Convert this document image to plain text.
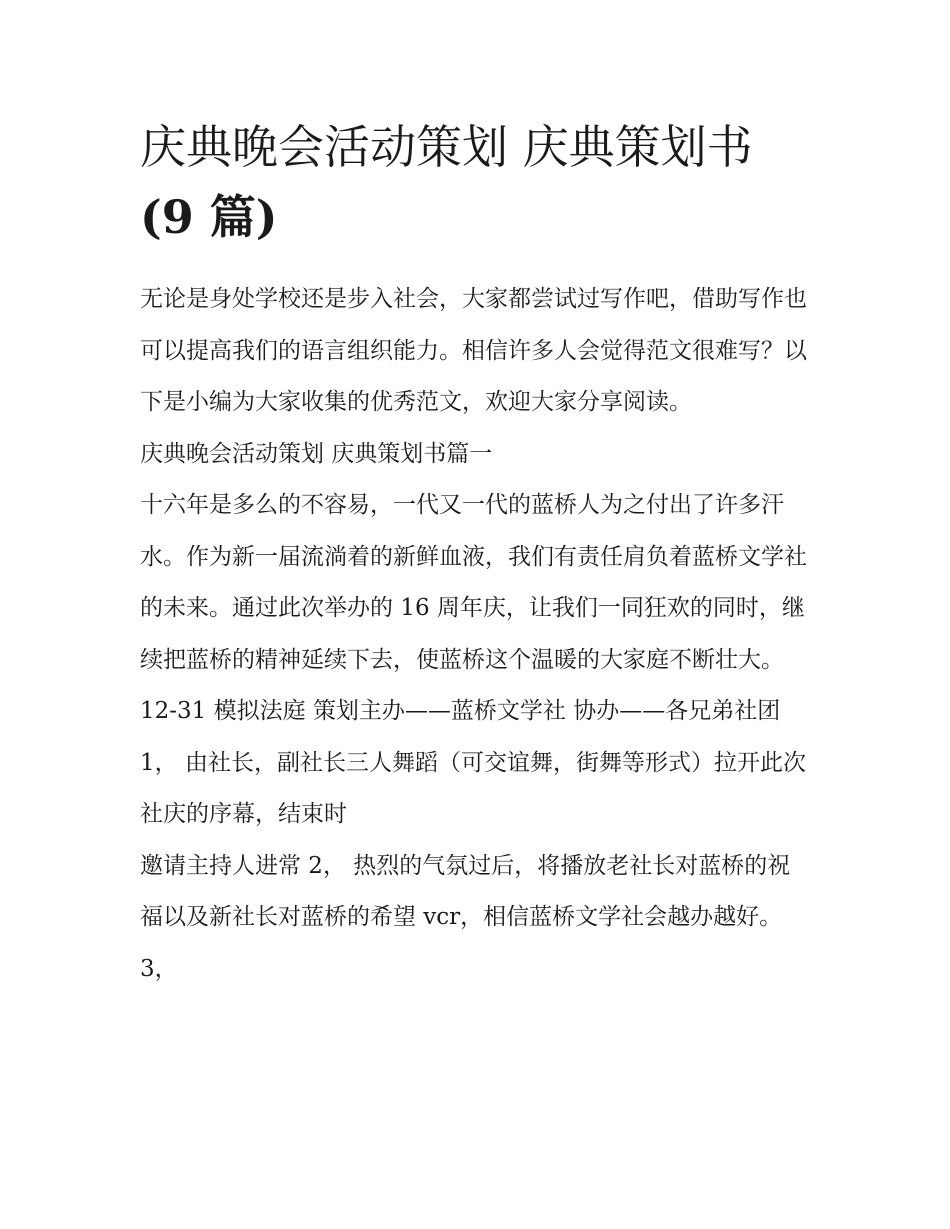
庆典晚会活动策划 庆典策划书
(9 篇)

无论是身处学校还是步入社会，大家都尝试过写作吧，借助写作也可以提高我们的语言组织能力。相信许多人会觉得范文很难写？以下是小编为大家收集的优秀范文，欢迎大家分享阅读。

庆典晚会活动策划 庆典策划书篇一

十六年是多么的不容易，一代又一代的蓝桥人为之付出了许多汗水。作为新一届流淌着的新鲜血液，我们有责任肩负着蓝桥文学社的未来。通过此次举办的 16 周年庆，让我们一同狂欢的同时，继续把蓝桥的精神延续下去，使蓝桥这个温暖的大家庭不断壮大。

12-31 模拟法庭 策划主办——蓝桥文学社 协办——各兄弟社团 1， 由社长，副社长三人舞蹈（可交谊舞，街舞等形式）拉开此次社庆的序幕，结束时

邀请主持人进常 2， 热烈的气氛过后，将播放老社长对蓝桥的祝福以及新社长对蓝桥的希望 vcr，相信蓝桥文学社会越办越好。 3，
